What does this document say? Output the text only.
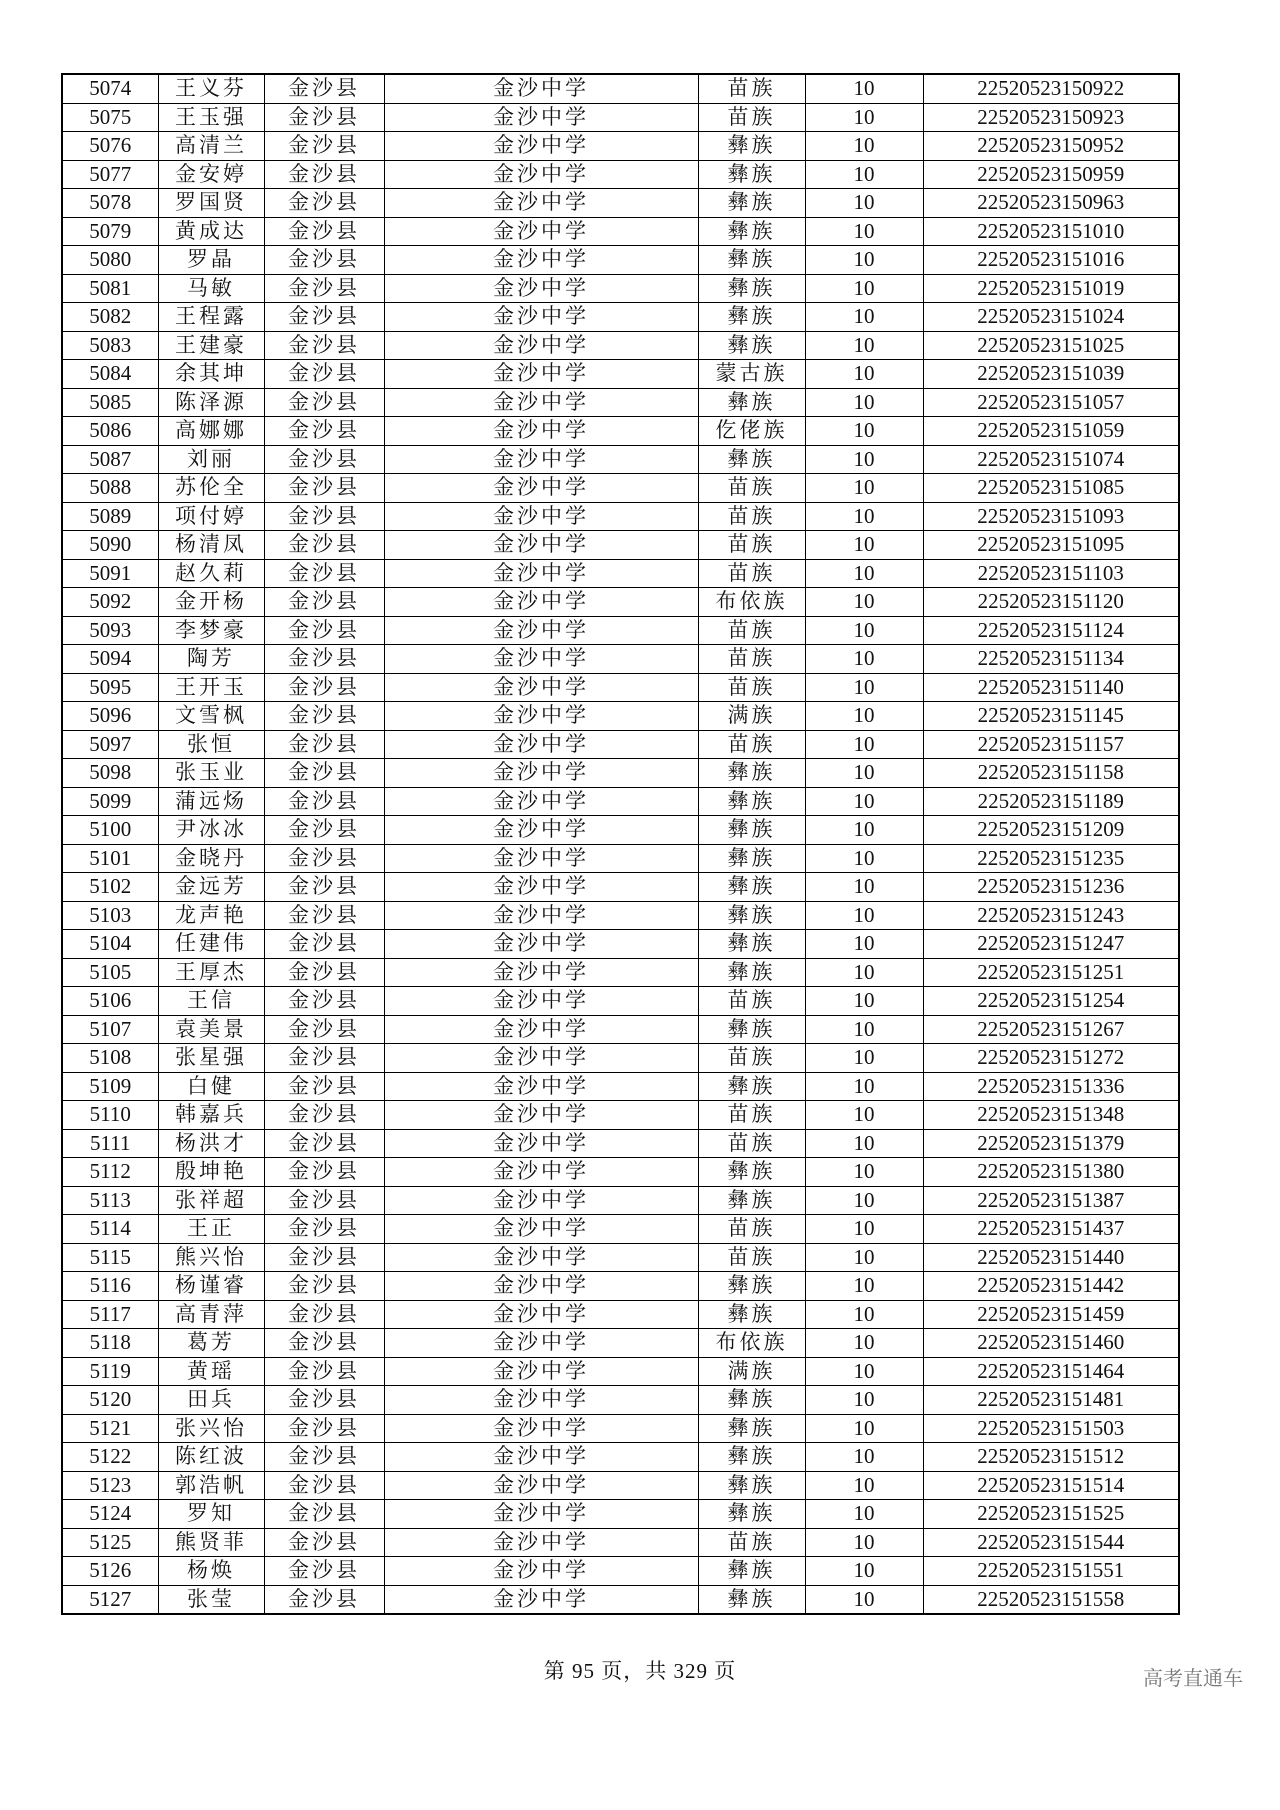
5074	王义芬	金沙县	金沙中学	苗族	10	22520523150922
5075	王玉强	金沙县	金沙中学	苗族	10	22520523150923
5076	高清兰	金沙县	金沙中学	彝族	10	22520523150952
5077	金安婷	金沙县	金沙中学	彝族	10	22520523150959
5078	罗国贤	金沙县	金沙中学	彝族	10	22520523150963
5079	黄成达	金沙县	金沙中学	彝族	10	22520523151010
5080	罗晶	金沙县	金沙中学	彝族	10	22520523151016
5081	马敏	金沙县	金沙中学	彝族	10	22520523151019
5082	王程露	金沙县	金沙中学	彝族	10	22520523151024
5083	王建豪	金沙县	金沙中学	彝族	10	22520523151025
5084	余其坤	金沙县	金沙中学	蒙古族	10	22520523151039
5085	陈泽源	金沙县	金沙中学	彝族	10	22520523151057
5086	高娜娜	金沙县	金沙中学	仡佬族	10	22520523151059
5087	刘丽	金沙县	金沙中学	彝族	10	22520523151074
5088	苏伦全	金沙县	金沙中学	苗族	10	22520523151085
5089	项付婷	金沙县	金沙中学	苗族	10	22520523151093
5090	杨清凤	金沙县	金沙中学	苗族	10	22520523151095
5091	赵久莉	金沙县	金沙中学	苗族	10	22520523151103
5092	金开杨	金沙县	金沙中学	布依族	10	22520523151120
5093	李梦豪	金沙县	金沙中学	苗族	10	22520523151124
5094	陶芳	金沙县	金沙中学	苗族	10	22520523151134
5095	王开玉	金沙县	金沙中学	苗族	10	22520523151140
5096	文雪枫	金沙县	金沙中学	满族	10	22520523151145
5097	张恒	金沙县	金沙中学	苗族	10	22520523151157
5098	张玉业	金沙县	金沙中学	彝族	10	22520523151158
5099	蒲远炀	金沙县	金沙中学	彝族	10	22520523151189
5100	尹冰冰	金沙县	金沙中学	彝族	10	22520523151209
5101	金晓丹	金沙县	金沙中学	彝族	10	22520523151235
5102	金远芳	金沙县	金沙中学	彝族	10	22520523151236
5103	龙声艳	金沙县	金沙中学	彝族	10	22520523151243
5104	任建伟	金沙县	金沙中学	彝族	10	22520523151247
5105	王厚杰	金沙县	金沙中学	彝族	10	22520523151251
5106	王信	金沙县	金沙中学	苗族	10	22520523151254
5107	袁美景	金沙县	金沙中学	彝族	10	22520523151267
5108	张星强	金沙县	金沙中学	苗族	10	22520523151272
5109	白健	金沙县	金沙中学	彝族	10	22520523151336
5110	韩嘉兵	金沙县	金沙中学	苗族	10	22520523151348
5111	杨洪才	金沙县	金沙中学	苗族	10	22520523151379
5112	殷坤艳	金沙县	金沙中学	彝族	10	22520523151380
5113	张祥超	金沙县	金沙中学	彝族	10	22520523151387
5114	王正	金沙县	金沙中学	苗族	10	22520523151437
5115	熊兴怡	金沙县	金沙中学	苗族	10	22520523151440
5116	杨谨睿	金沙县	金沙中学	彝族	10	22520523151442
5117	高青萍	金沙县	金沙中学	彝族	10	22520523151459
5118	葛芳	金沙县	金沙中学	布依族	10	22520523151460
5119	黄瑶	金沙县	金沙中学	满族	10	22520523151464
5120	田兵	金沙县	金沙中学	彝族	10	22520523151481
5121	张兴怡	金沙县	金沙中学	彝族	10	22520523151503
5122	陈红波	金沙县	金沙中学	彝族	10	22520523151512
5123	郭浩帆	金沙县	金沙中学	彝族	10	22520523151514
5124	罗知	金沙县	金沙中学	彝族	10	22520523151525
5125	熊贤菲	金沙县	金沙中学	苗族	10	22520523151544
5126	杨焕	金沙县	金沙中学	彝族	10	22520523151551
5127	张莹	金沙县	金沙中学	彝族	10	22520523151558
第 95 页，共 329 页	高考直通车
